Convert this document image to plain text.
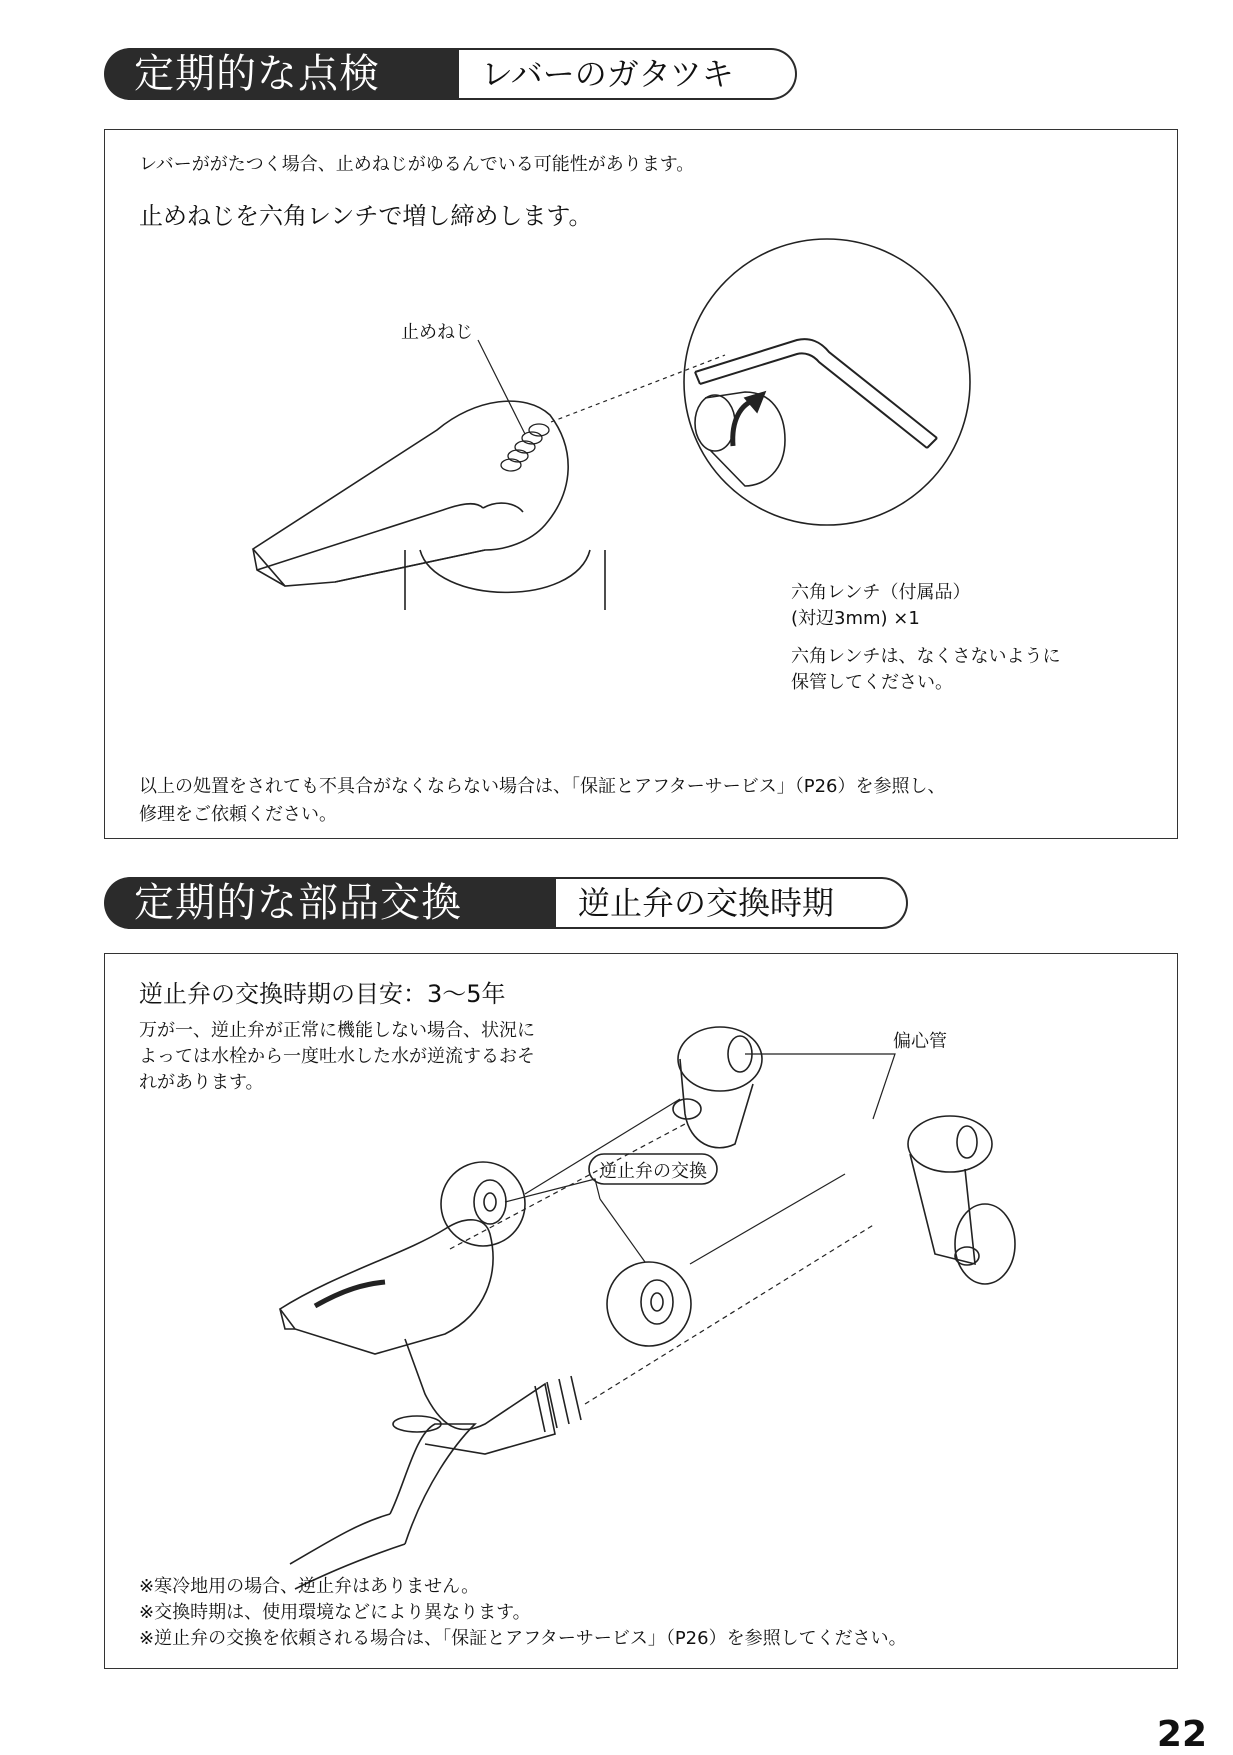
定期的な点検	レバーのガタツキ
レバーががたつく場合、止めねじがゆるんでいる可能性があります。
止めねじを六角レンチで増し締めします。
止めねじ
六角レンチ（付属品）
(対辺3mm) ×1
六角レンチは、なくさないように
保管してください。
以上の処置をされても不具合がなくならない場合は、「保証とアフターサービス」（P26）を参照し、
修理をご依頼ください。
定期的な部品交換	逆止弁の交換時期
逆止弁の交換時期の目安：3～5年
万が一、逆止弁が正常に機能しない場合、状況に
よっては水栓から一度吐水した水が逆流するおそ
れがあります。
偏心管
逆止弁の交換
※寒冷地用の場合、逆止弁はありません。
※交換時期は、使用環境などにより異なります。
※逆止弁の交換を依頼される場合は、「保証とアフターサービス」（P26）を参照してください。
22
